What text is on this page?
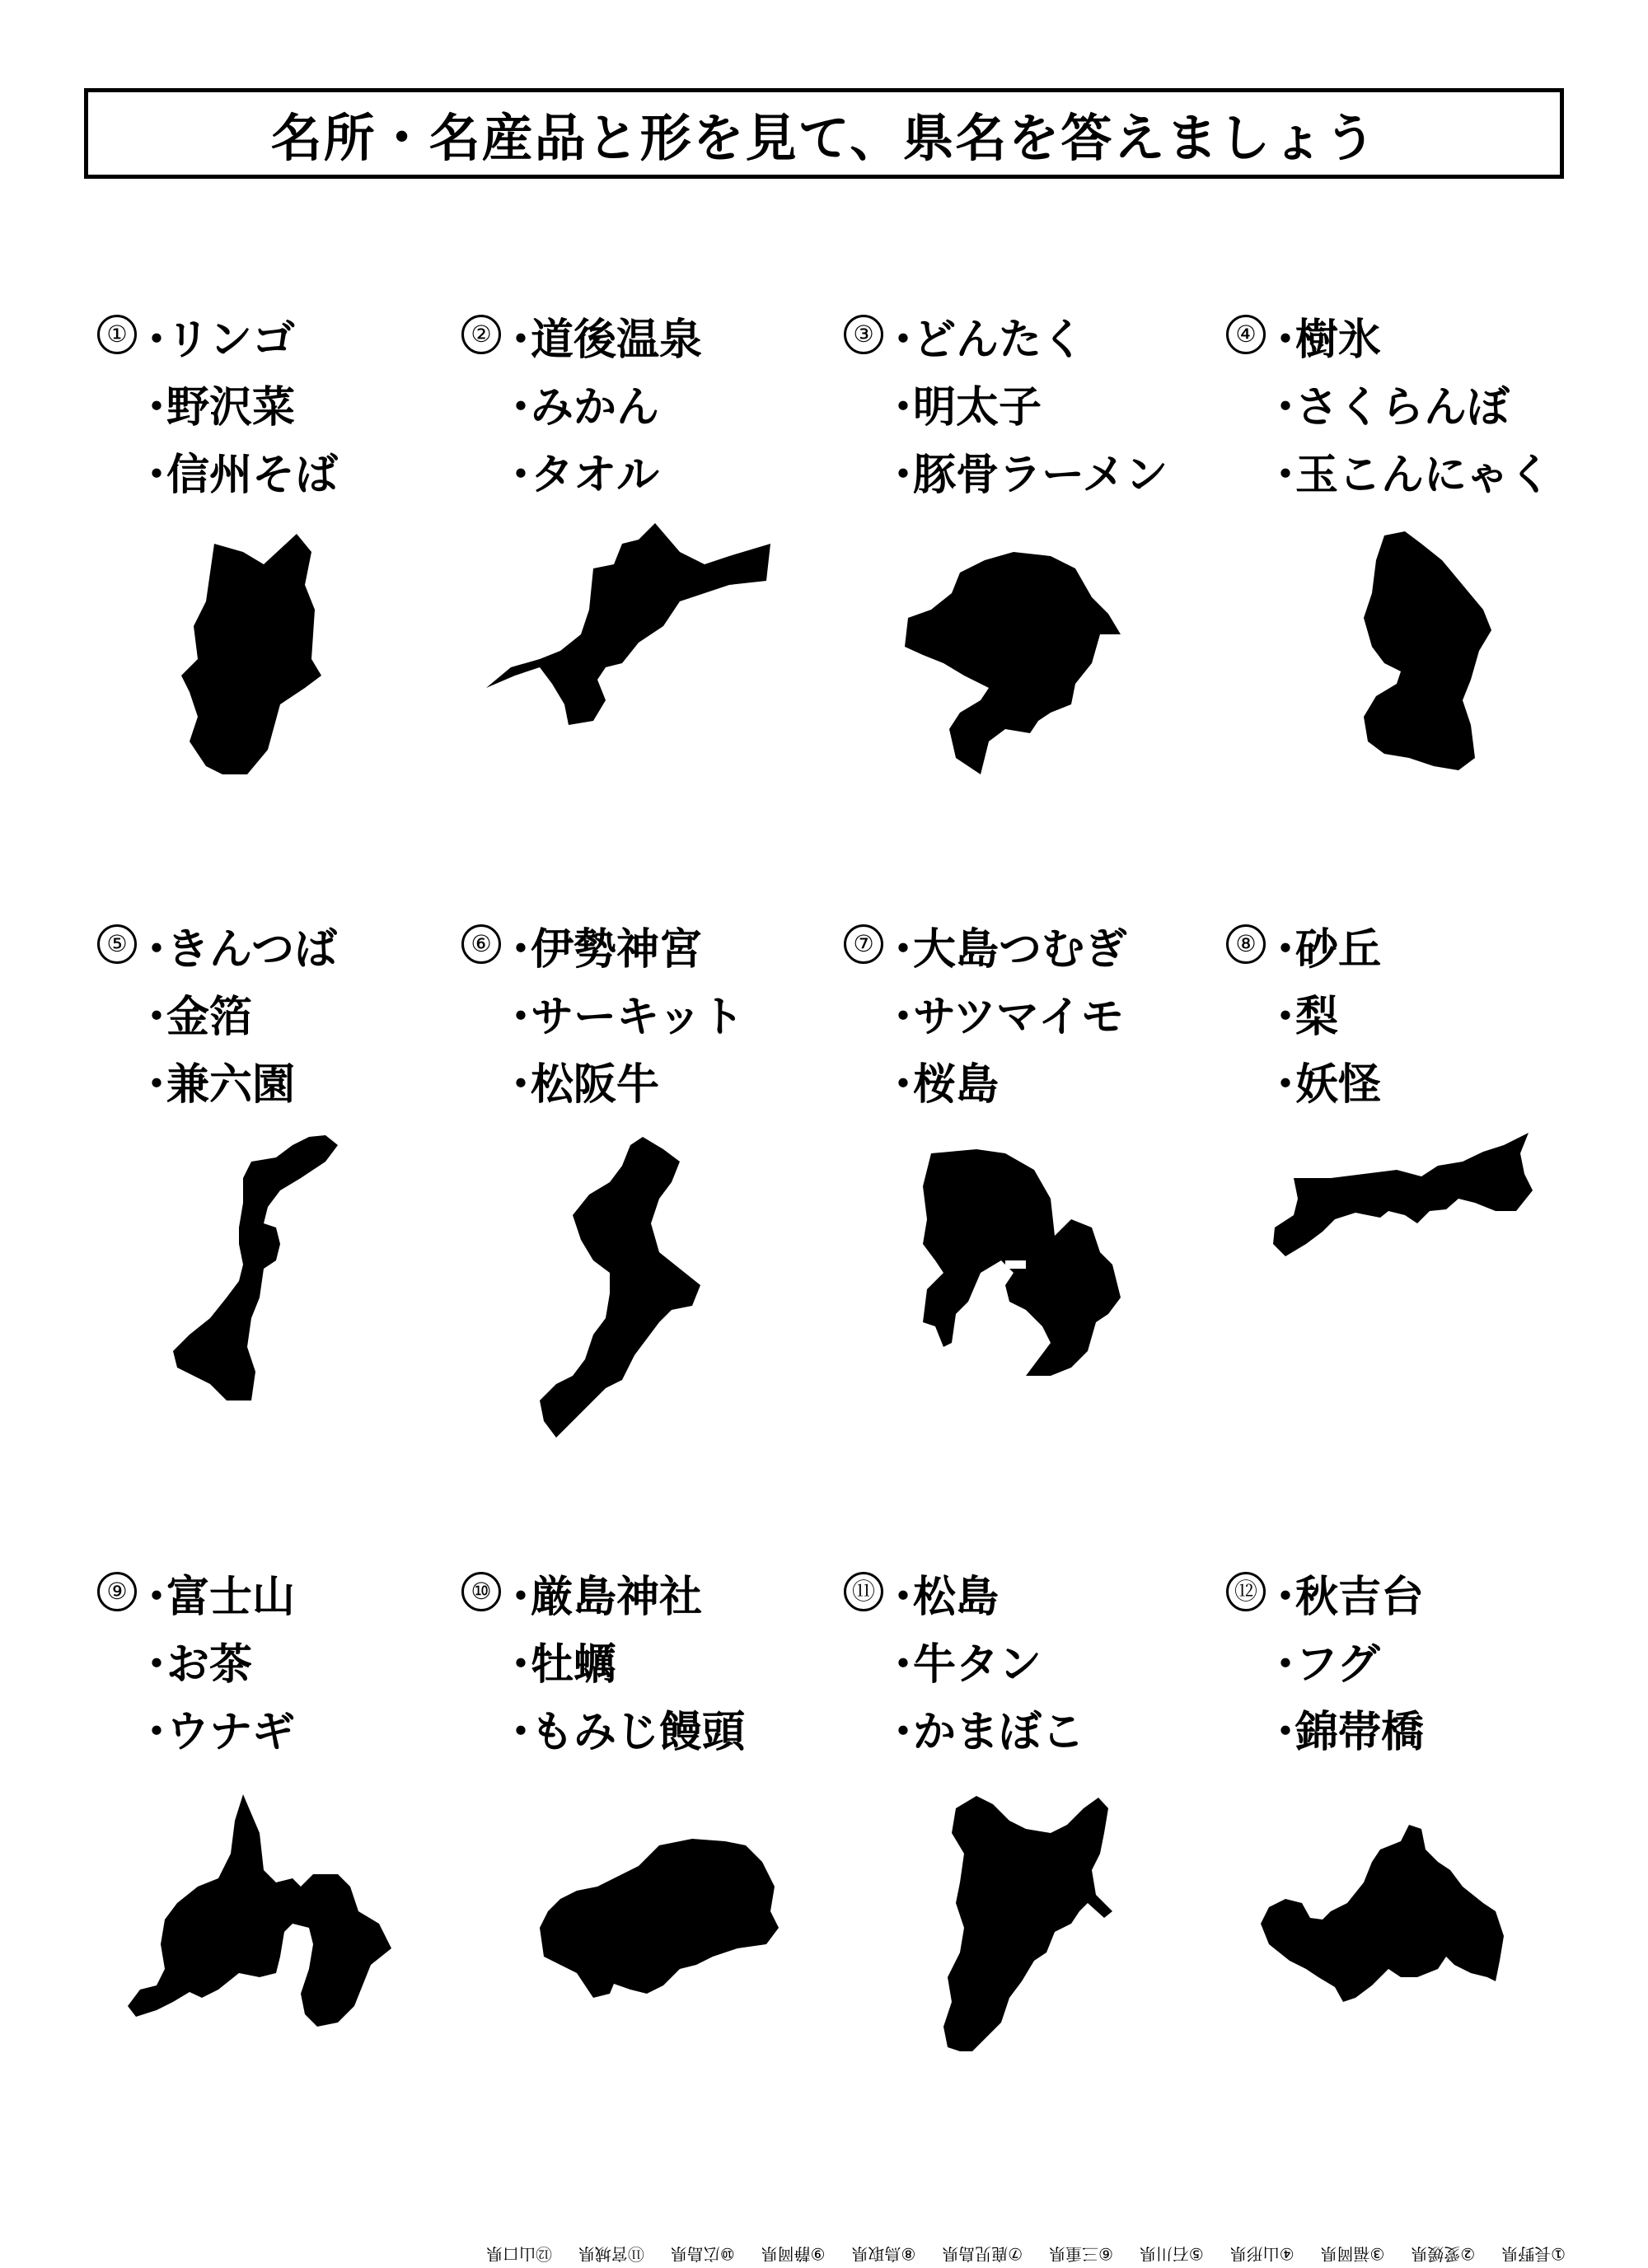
名所・名産品と形を見て、県名を答えましょう
① ・ リンゴ
・ 野沢菜
・ 信州そば
② ・ 道後温泉
・ みかん
・ タオル
③ ・ どんたく
・ 明太子
・ 豚骨ラーメン
④ ・ 樹氷
・ さくらんぼ
・ 玉こんにゃく
⑤ ・ きんつば
・ 金箔
・ 兼六園
⑥ ・ 伊勢神宮
・ サーキット
・ 松阪牛
⑦ ・ 大島つむぎ
・ サツマイモ
・ 桜島
⑧ ・ 砂丘
・ 梨
・ 妖怪
⑨ ・ 富士山
・ お茶
・ ウナギ
⑩ ・ 厳島神社
・ 牡蠣
・ もみじ饅頭
⑪ ・ 松島
・ 牛タン
・ かまぼこ
⑫ ・ 秋吉台
・ フグ
・ 錦帯橋
①長野県
②愛媛県
③福岡県
④山形県
⑤石川県
⑥三重県
⑦鹿児島県
⑧鳥取県
⑨静岡県
⑩広島県
⑪宮城県
⑫山口県
